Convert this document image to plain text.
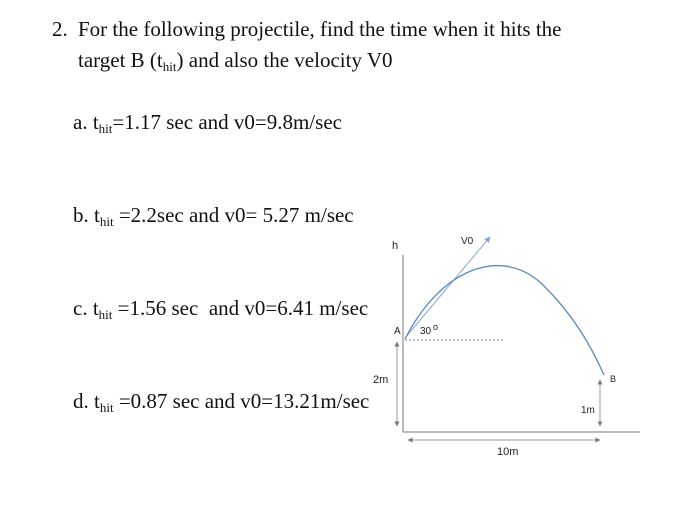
2. For the following projectile, find the time when it hits the
target B $(t_{hit})$ and also the velocity V0

a. $t_{hit}=1.17$ sec and v0=9.8m/sec

b. $t_{hit} =2.2\sec$ and v0= 5.27 m/sec

c. $t_{hit} =1.56$ sec  and v0=6.41 m/sec

d. $t_{hit} =0.87$ sec and v0=13.21m/sec

h
2m
V0
A 30 o
B
1m
10m
